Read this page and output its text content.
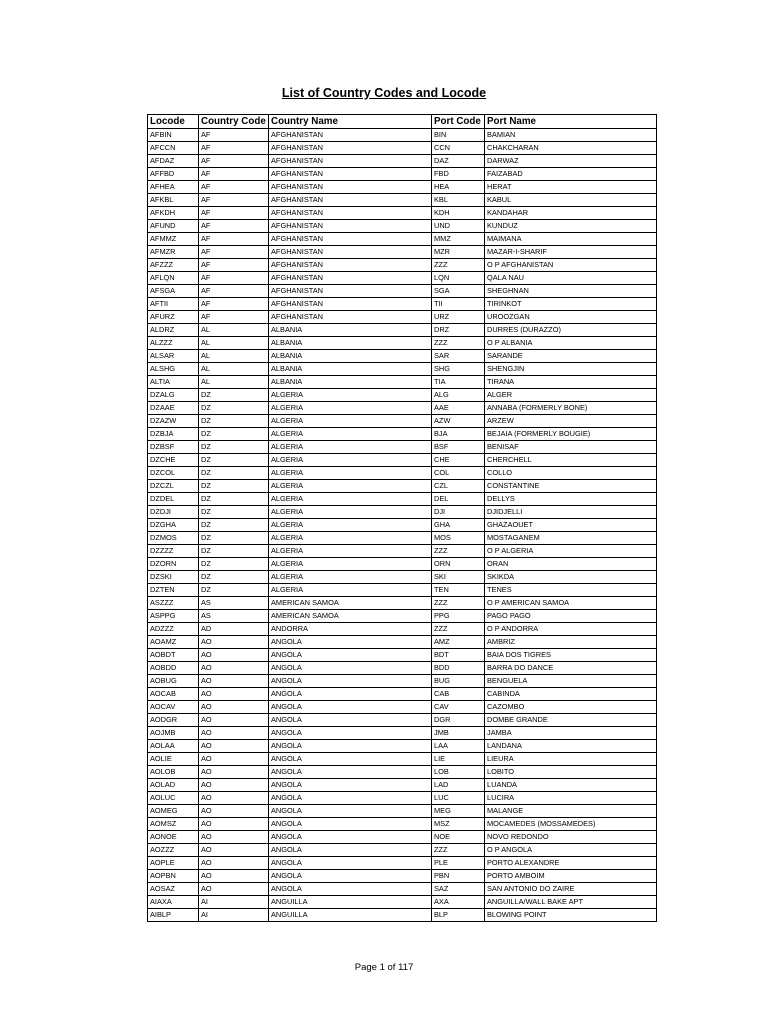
List of Country Codes and Locode
Locode	Country Code	Country Name	Port Code	Port Name
AFBIN	AF	AFGHANISTAN	BIN	BAMIAN
AFCCN	AF	AFGHANISTAN	CCN	CHAKCHARAN
AFDAZ	AF	AFGHANISTAN	DAZ	DARWAZ
AFFBD	AF	AFGHANISTAN	FBD	FAIZABAD
AFHEA	AF	AFGHANISTAN	HEA	HERAT
AFKBL	AF	AFGHANISTAN	KBL	KABUL
AFKDH	AF	AFGHANISTAN	KDH	KANDAHAR
AFUND	AF	AFGHANISTAN	UND	KUNDUZ
AFMMZ	AF	AFGHANISTAN	MMZ	MAIMANA
AFMZR	AF	AFGHANISTAN	MZR	MAZAR-I-SHARIF
AFZZZ	AF	AFGHANISTAN	ZZZ	O P AFGHANISTAN
AFLQN	AF	AFGHANISTAN	LQN	QALA NAU
AFSGA	AF	AFGHANISTAN	SGA	SHEGHNAN
AFTII	AF	AFGHANISTAN	TII	TIRINKOT
AFURZ	AF	AFGHANISTAN	URZ	UROOZGAN
ALDRZ	AL	ALBANIA	DRZ	DURRES (DURAZZO)
ALZZZ	AL	ALBANIA	ZZZ	O P ALBANIA
ALSAR	AL	ALBANIA	SAR	SARANDE
ALSHG	AL	ALBANIA	SHG	SHENGJIN
ALTIA	AL	ALBANIA	TIA	TIRANA
DZALG	DZ	ALGERIA	ALG	ALGER
DZAAE	DZ	ALGERIA	AAE	ANNABA (FORMERLY BONE)
DZAZW	DZ	ALGERIA	AZW	ARZEW
DZBJA	DZ	ALGERIA	BJA	BEJAIA (FORMERLY BOUGIE)
DZBSF	DZ	ALGERIA	BSF	BENISAF
DZCHE	DZ	ALGERIA	CHE	CHERCHELL
DZCOL	DZ	ALGERIA	COL	COLLO
DZCZL	DZ	ALGERIA	CZL	CONSTANTINE
DZDEL	DZ	ALGERIA	DEL	DELLYS
DZDJI	DZ	ALGERIA	DJI	DJIDJELLI
DZGHA	DZ	ALGERIA	GHA	GHAZAOUET
DZMOS	DZ	ALGERIA	MOS	MOSTAGANEM
DZZZZ	DZ	ALGERIA	ZZZ	O P ALGERIA
DZORN	DZ	ALGERIA	ORN	ORAN
DZSKI	DZ	ALGERIA	SKI	SKIKDA
DZTEN	DZ	ALGERIA	TEN	TENES
ASZZZ	AS	AMERICAN SAMOA	ZZZ	O P AMERICAN SAMOA
ASPPG	AS	AMERICAN SAMOA	PPG	PAGO PAGO
ADZZZ	AD	ANDORRA	ZZZ	O P ANDORRA
AOAMZ	AO	ANGOLA	AMZ	AMBRIZ
AOBDT	AO	ANGOLA	BDT	BAIA DOS TIGRES
AOBDD	AO	ANGOLA	BDD	BARRA DO DANCE
AOBUG	AO	ANGOLA	BUG	BENGUELA
AOCAB	AO	ANGOLA	CAB	CABINDA
AOCAV	AO	ANGOLA	CAV	CAZOMBO
AODGR	AO	ANGOLA	DGR	DOMBE GRANDE
AOJMB	AO	ANGOLA	JMB	JAMBA
AOLAA	AO	ANGOLA	LAA	LANDANA
AOLIE	AO	ANGOLA	LIE	LIEURA
AOLOB	AO	ANGOLA	LOB	LOBITO
AOLAD	AO	ANGOLA	LAD	LUANDA
AOLUC	AO	ANGOLA	LUC	LUCIRA
AOMEG	AO	ANGOLA	MEG	MALANGE
AOMSZ	AO	ANGOLA	MSZ	MOCAMEDES (MOSSAMEDES)
AONOE	AO	ANGOLA	NOE	NOVO REDONDO
AOZZZ	AO	ANGOLA	ZZZ	O P ANGOLA
AOPLE	AO	ANGOLA	PLE	PORTO ALEXANDRE
AOPBN	AO	ANGOLA	PBN	PORTO AMBOIM
AOSAZ	AO	ANGOLA	SAZ	SAN ANTONIO DO ZAIRE
AIAXA	AI	ANGUILLA	AXA	ANGUILLA/WALL BAKE APT
AIBLP	AI	ANGUILLA	BLP	BLOWING POINT
Page 1 of 117
